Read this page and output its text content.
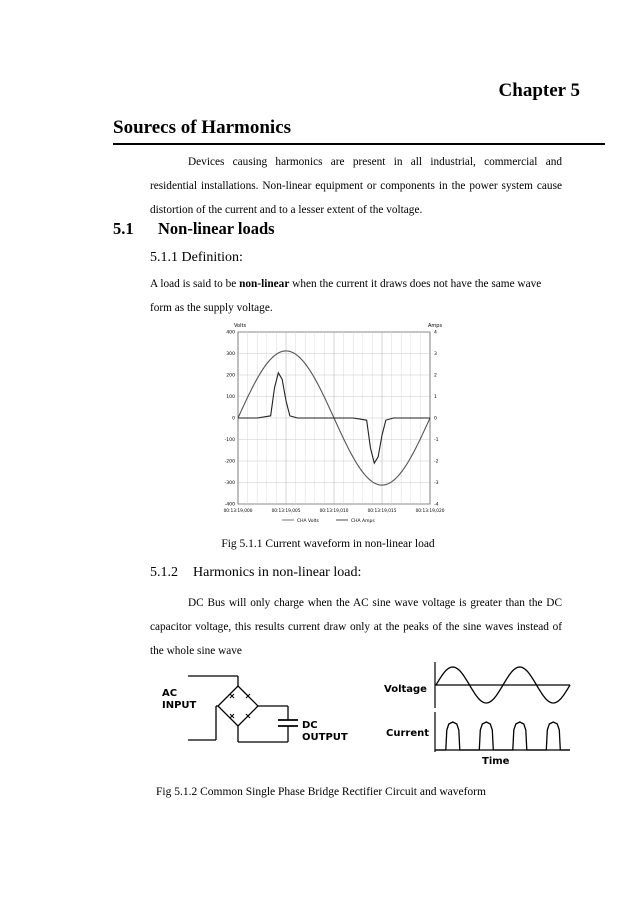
Chapter 5
Sourecs of Harmonics
Devices causing harmonics are present in all industrial, commercial and residential installations. Non-linear equipment or components in the power system cause distortion of the current and to a lesser extent of the voltage.
5.1 Non-linear loads
5.1.1 Definition:
A load is said to be non-linear when the current it draws does not have the same wave form as the supply voltage.
Volts	Amps
400	4
300	3
200	2
100	1
0	0
-100	-1
-200	-2
-300	-3
-400	-4
00:13:19,000	00:13:19,005	00:13:19,010	00:13:19,015	00:13:19,020
CHA Volts	CHA Amps
Fig 5.1.1 Current waveform in non-linear load
5.1.2 Harmonics in non-linear load:
DC Bus will only charge when the AC sine wave voltage is greater than the DC capacitor voltage, this results current draw only at the peaks of the sine waves instead of the whole sine wave
AC
INPUT
DC
OUTPUT
Voltage
Current
Time
Fig 5.1.2 Common Single Phase Bridge Rectifier Circuit and waveform
